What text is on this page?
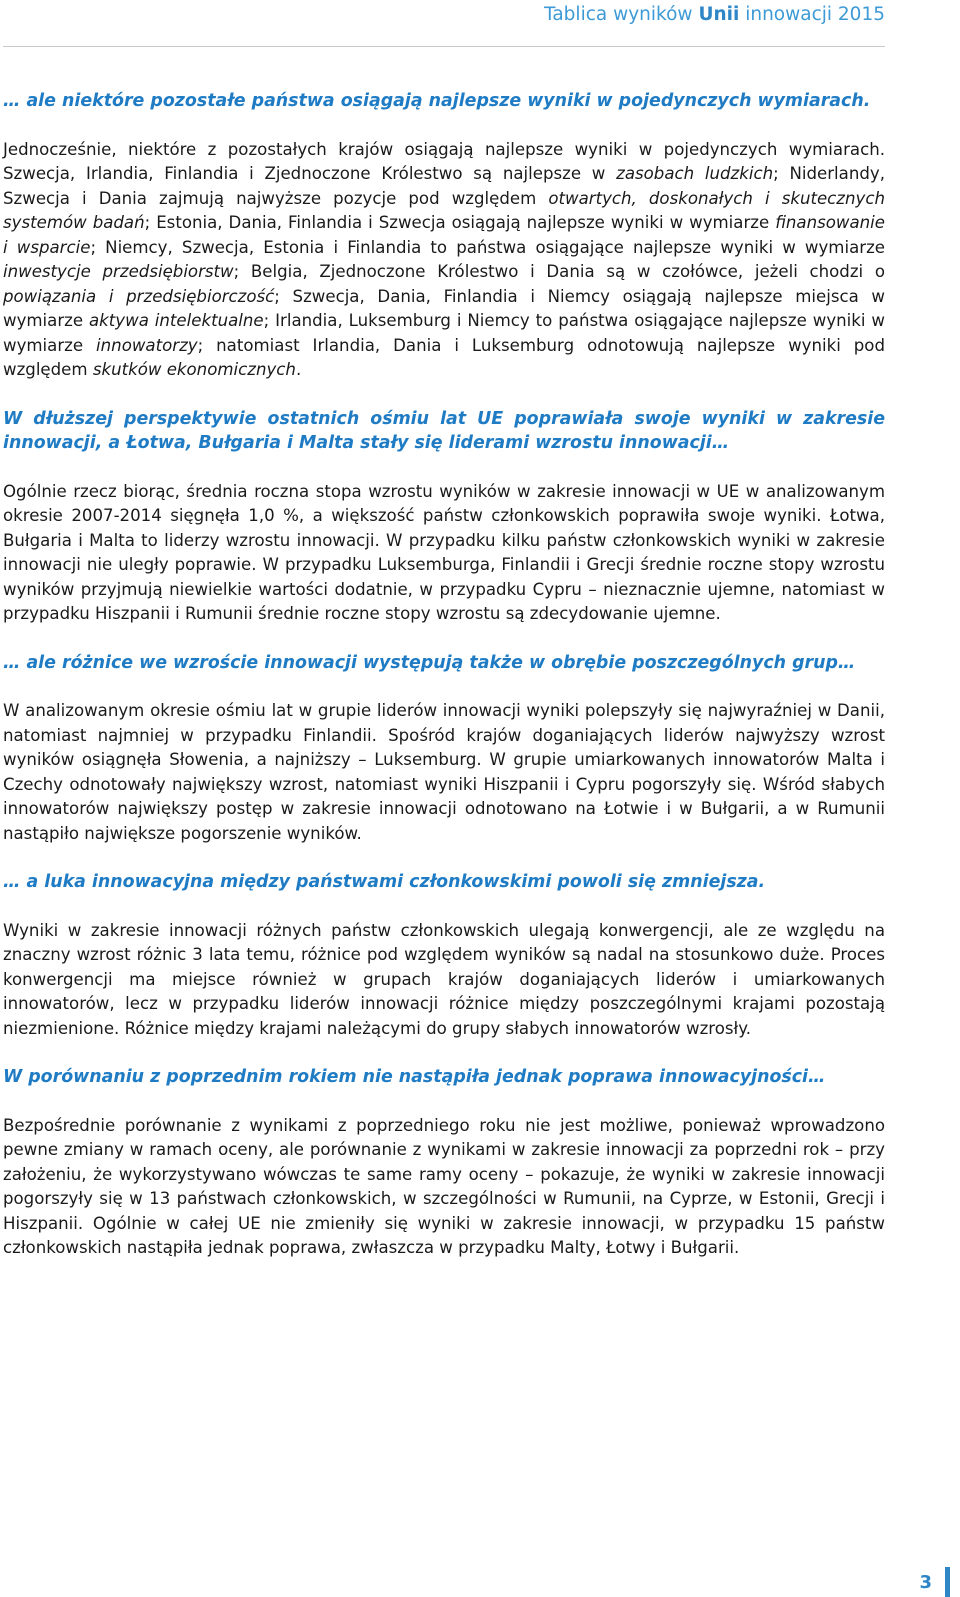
Tablica wyników Unii innowacji 2015
… ale niektóre pozostałe państwa osiągają najlepsze wyniki w pojedynczych wymiarach.

Jednocześnie, niektóre z pozostałych krajów osiągają najlepsze wyniki w pojedynczych wymiarach. Szwecja, Irlandia, Finlandia i Zjednoczone Królestwo są najlepsze w zasobach ludzkich; Niderlandy, Szwecja i Dania zajmują najwyższe pozycje pod względem otwartych, doskonałych i skutecznych systemów badań; Estonia, Dania, Finlandia i Szwecja osiągają najlepsze wyniki w wymiarze finansowanie i wsparcie; Niemcy, Szwecja, Estonia i Finlandia to państwa osiągające najlepsze wyniki w wymiarze inwestycje przedsiębiorstw; Belgia, Zjednoczone Królestwo i Dania są w czołówce, jeżeli chodzi o powiązania i przedsiębiorczość; Szwecja, Dania, Finlandia i Niemcy osiągają najlepsze miejsca w wymiarze aktywa intelektualne; Irlandia, Luksemburg i Niemcy to państwa osiągające najlepsze wyniki w wymiarze innowatorzy; natomiast Irlandia, Dania i Luksemburg odnotowują najlepsze wyniki pod względem skutków ekonomicznych.

W dłuższej perspektywie ostatnich ośmiu lat UE poprawiała swoje wyniki w zakresie innowacji, a Łotwa, Bułgaria i Malta stały się liderami wzrostu innowacji…

Ogólnie rzecz biorąc, średnia roczna stopa wzrostu wyników w zakresie innowacji w UE w analizowanym okresie 2007-2014 sięgnęła 1,0 %, a większość państw członkowskich poprawiła swoje wyniki. Łotwa, Bułgaria i Malta to liderzy wzrostu innowacji. W przypadku kilku państw członkowskich wyniki w zakresie innowacji nie uległy poprawie. W przypadku Luksemburga, Finlandii i Grecji średnie roczne stopy wzrostu wyników przyjmują niewielkie wartości dodatnie, w przypadku Cypru – nieznacznie ujemne, natomiast w przypadku Hiszpanii i Rumunii średnie roczne stopy wzrostu są zdecydowanie ujemne.

… ale różnice we wzroście innowacji występują także w obrębie poszczególnych grup…

W analizowanym okresie ośmiu lat w grupie liderów innowacji wyniki polepszyły się najwyraźniej w Danii, natomiast najmniej w przypadku Finlandii. Spośród krajów doganiających liderów najwyższy wzrost wyników osiągnęła Słowenia, a najniższy – Luksemburg. W grupie umiarkowanych innowatorów Malta i Czechy odnotowały największy wzrost, natomiast wyniki Hiszpanii i Cypru pogorszyły się. Wśród słabych innowatorów największy postęp w zakresie innowacji odnotowano na Łotwie i w Bułgarii, a w Rumunii nastąpiło największe pogorszenie wyników.

… a luka innowacyjna między państwami członkowskimi powoli się zmniejsza.

Wyniki w zakresie innowacji różnych państw członkowskich ulegają konwergencji, ale ze względu na znaczny wzrost różnic 3 lata temu, różnice pod względem wyników są nadal na stosunkowo duże. Proces konwergencji ma miejsce również w grupach krajów doganiających liderów i umiarkowanych innowatorów, lecz w przypadku liderów innowacji różnice między poszczególnymi krajami pozostają niezmienione. Różnice między krajami należącymi do grupy słabych innowatorów wzrosły.

W porównaniu z poprzednim rokiem nie nastąpiła jednak poprawa innowacyjności…

Bezpośrednie porównanie z wynikami z poprzedniego roku nie jest możliwe, ponieważ wprowadzono pewne zmiany w ramach oceny, ale porównanie z wynikami w zakresie innowacji za poprzedni rok – przy założeniu, że wykorzystywano wówczas te same ramy oceny – pokazuje, że wyniki w zakresie innowacji pogorszyły się w 13 państwach członkowskich, w szczególności w Rumunii, na Cyprze, w Estonii, Grecji i Hiszpanii. Ogólnie w całej UE nie zmieniły się wyniki w zakresie innowacji, w przypadku 15 państw członkowskich nastąpiła jednak poprawa, zwłaszcza w przypadku Malty, Łotwy i Bułgarii.

3
